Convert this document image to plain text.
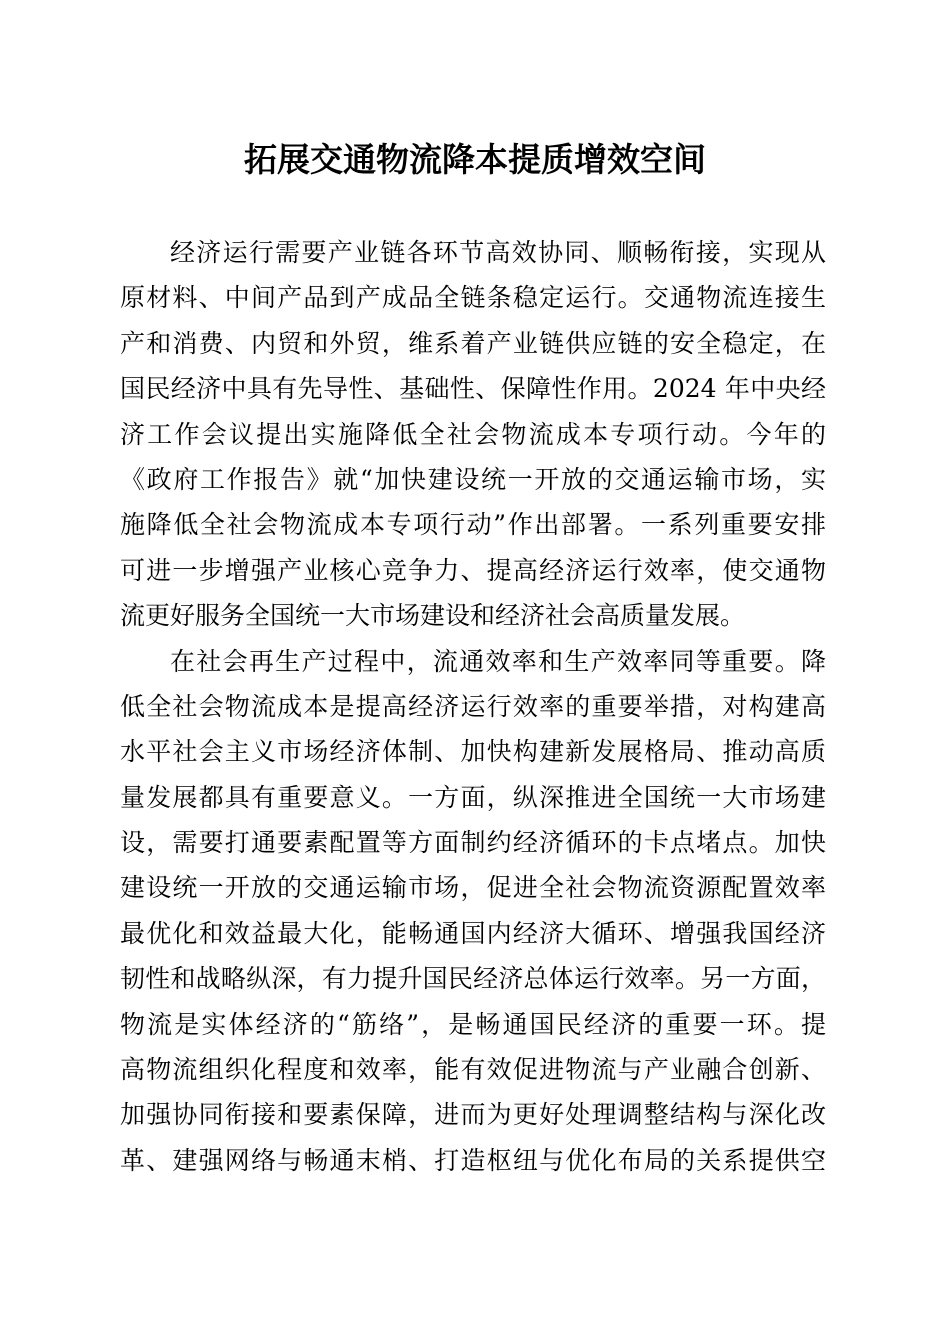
拓展交通物流降本提质增效空间
经济运行需要产业链各环节高效协同、顺畅衔接，实现从
原材料、中间产品到产成品全链条稳定运行。交通物流连接生
产和消费、内贸和外贸，维系着产业链供应链的安全稳定，在
国民经济中具有先导性、基础性、保障性作用。2024 年中央经
济工作会议提出实施降低全社会物流成本专项行动。今年的
《政府工作报告》就“加快建设统一开放的交通运输市场，实
施降低全社会物流成本专项行动”作出部署。一系列重要安排
可进一步增强产业核心竞争力、提高经济运行效率，使交通物
流更好服务全国统一大市场建设和经济社会高质量发展。
在社会再生产过程中，流通效率和生产效率同等重要。降
低全社会物流成本是提高经济运行效率的重要举措，对构建高
水平社会主义市场经济体制、加快构建新发展格局、推动高质
量发展都具有重要意义。一方面，纵深推进全国统一大市场建
设，需要打通要素配置等方面制约经济循环的卡点堵点。加快
建设统一开放的交通运输市场，促进全社会物流资源配置效率
最优化和效益最大化，能畅通国内经济大循环、增强我国经济
韧性和战略纵深，有力提升国民经济总体运行效率。另一方面，
物流是实体经济的“筋络”，是畅通国民经济的重要一环。提
高物流组织化程度和效率，能有效促进物流与产业融合创新、
加强协同衔接和要素保障，进而为更好处理调整结构与深化改
革、建强网络与畅通末梢、打造枢纽与优化布局的关系提供空
